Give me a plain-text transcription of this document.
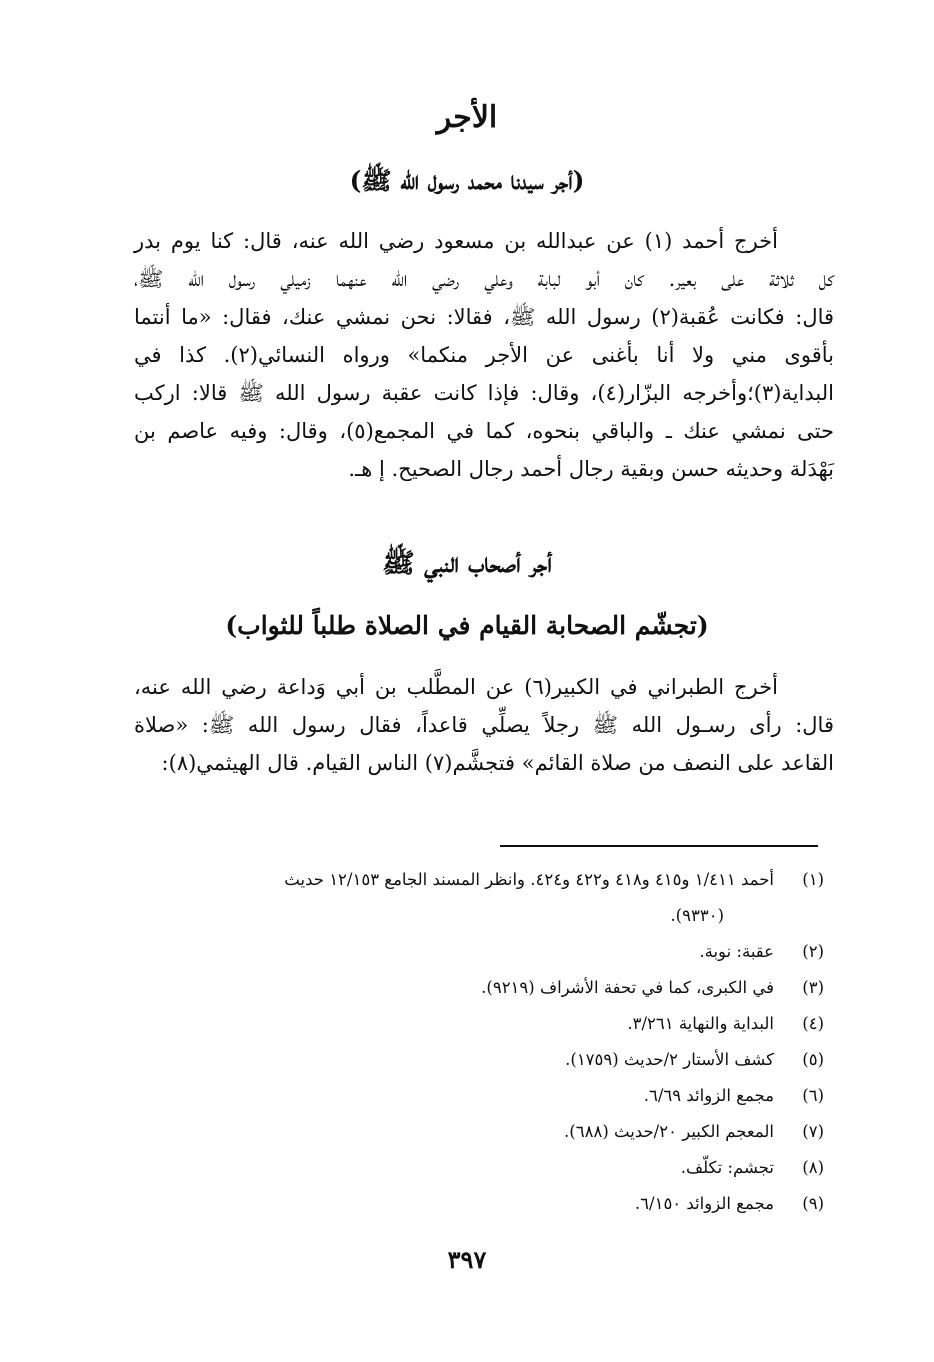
الأجر
(أجر سيدنا محمد رسول الله ﷺ)
أخرج أحمد (١) عن عبدالله بن مسعود رضي الله عنه، قال: كنا يوم بدر
كل ثلاثة على بعير. كان أبو لبابة وعلي رضي الله عنهما زميلي رسول الله ﷺ،
قال: فكانت عُقبة(٢) رسول الله ﷺ، فقالا: نحن نمشي عنك، فقال: «ما أنتما
بأقوى مني ولا أنا بأغنى عن الأجر منكما» ورواه النسائي(٢). كذا في
البداية(٣)؛وأخرجه البزّار(٤)، وقال: فإذا كانت عقبة رسول الله ﷺ قالا: اركب
حتى نمشي عنك ـ والباقي بنحوه، كما في المجمع(٥)، وقال: وفيه عاصم بن
بَهْدَلة وحديثه حسن وبقية رجال أحمد رجال الصحيح. إ هـ.
أجر أصحاب النبي ﷺ
(تجشّم الصحابة القيام في الصلاة طلباً للثواب)
أخرج الطبراني في الكبير(٦) عن المطَّلب بن أبي وَداعة رضي الله عنه،
قال: رأى رسـول الله ﷺ رجلاً يصلِّي قاعداً، فقال رسول الله ﷺ: «صلاة
القاعد على النصف من صلاة القائم» فتجشَّم(٧) الناس القيام. قال الهيثمي(٨):
(١)
أحمد ١/٤١١ و٤١٥ و٤١٨ و٤٢٢ و٤٢٤. وانظر المسند الجامع ١٢/١٥٣ حديث
(٩٣٣٠).
(٢)
عقبة: نوبة.
(٣)
في الكبرى، كما في تحفة الأشراف (٩٢١٩).
(٤)
البداية والنهاية ٣/٢٦١.
(٥)
كشف الأستار ٢/حديث (١٧٥٩).
(٦)
مجمع الزوائد ٦/٦٩.
(٧)
المعجم الكبير ٢٠/حديث (٦٨٨).
(٨)
تجشم: تكلّف.
(٩)
مجمع الزوائد ٦/١٥٠.
٣٩٧
